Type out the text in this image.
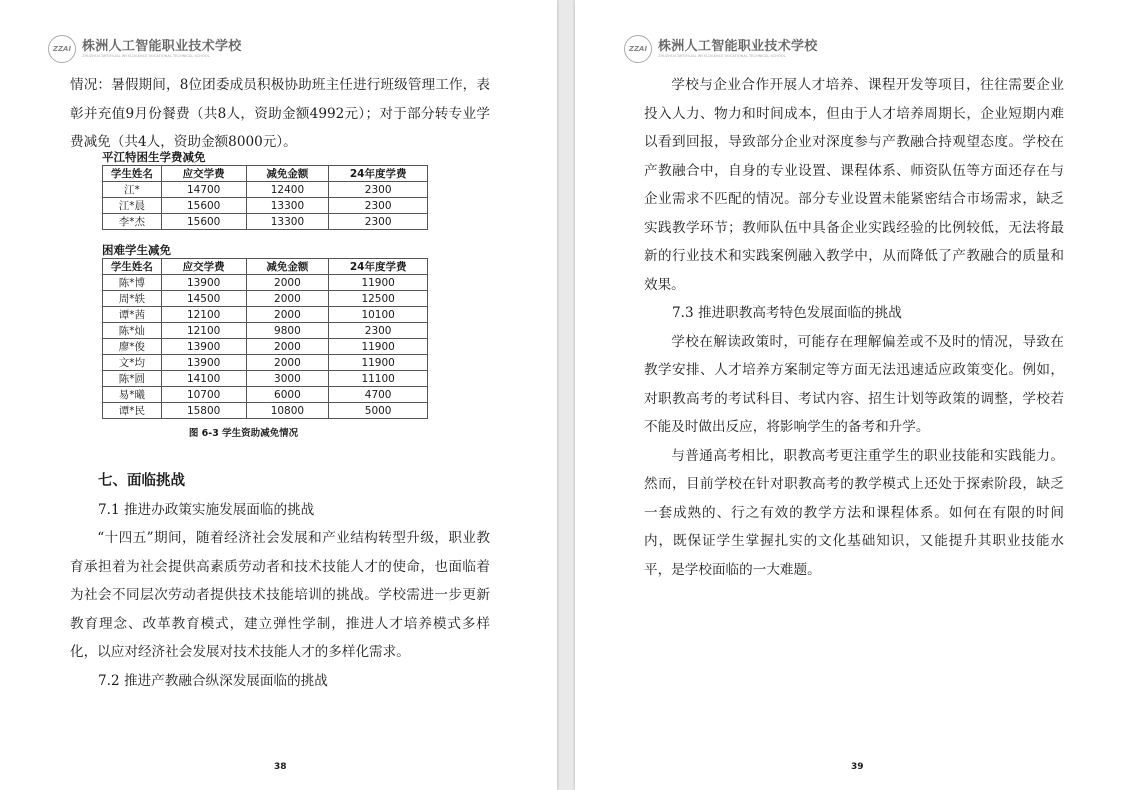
ZZAI 株洲人工智能职业技术学校
ZHUZHOU ARTIFICIAL INTELLIGENCE VOCATIONAL TECHNICAL SCHOOL

情况：暑假期间，8位团委成员积极协助班主任进行班级管理工作，表彰并充值9月份餐费（共8人，资助金额4992元）；对于部分转专业学费减免（共4人，资助金额8000元）。

平江特困生学费减免
学生姓名	应交学费	减免金额	24年度学费
江*	14700	12400	2300
江*晨	15600	13300	2300
李*杰	15600	13300	2300
困难学生减免
学生姓名	应交学费	减免金额	24年度学费
陈*博	13900	2000	11900
周*轶	14500	2000	12500
谭*茜	12100	2000	10100
陈*灿	12100	9800	2300
廖*俊	13900	2000	11900
文*均	13900	2000	11900
陈*圆	14100	3000	11100
易*曦	10700	6000	4700
谭*民	15800	10800	5000
图 6-3 学生资助减免情况

七、面临挑战

7.1 推进办政策实施发展面临的挑战

“十四五”期间，随着经济社会发展和产业结构转型升级，职业教育承担着为社会提供高素质劳动者和技术技能人才的使命，也面临着为社会不同层次劳动者提供技术技能培训的挑战。学校需进一步更新教育理念、改革教育模式，建立弹性学制，推进人才培养模式多样化，以应对经济社会发展对技术技能人才的多样化需求。

7.2 推进产教融合纵深发展面临的挑战

38
ZZAI 株洲人工智能职业技术学校
ZHUZHOU ARTIFICIAL INTELLIGENCE VOCATIONAL TECHNICAL SCHOOL

学校与企业合作开展人才培养、课程开发等项目，往往需要企业投入人力、物力和时间成本，但由于人才培养周期长，企业短期内难以看到回报，导致部分企业对深度参与产教融合持观望态度。学校在产教融合中，自身的专业设置、课程体系、师资队伍等方面还存在与企业需求不匹配的情况。部分专业设置未能紧密结合市场需求，缺乏实践教学环节；教师队伍中具备企业实践经验的比例较低，无法将最新的行业技术和实践案例融入教学中，从而降低了产教融合的质量和效果。

7.3 推进职教高考特色发展面临的挑战

学校在解读政策时，可能存在理解偏差或不及时的情况，导致在教学安排、人才培养方案制定等方面无法迅速适应政策变化。例如，对职教高考的考试科目、考试内容、招生计划等政策的调整，学校若不能及时做出反应，将影响学生的备考和升学。

与普通高考相比，职教高考更注重学生的职业技能和实践能力。然而，目前学校在针对职教高考的教学模式上还处于探索阶段，缺乏一套成熟的、行之有效的教学方法和课程体系。如何在有限的时间内，既保证学生掌握扎实的文化基础知识，又能提升其职业技能水平，是学校面临的一大难题。

39
